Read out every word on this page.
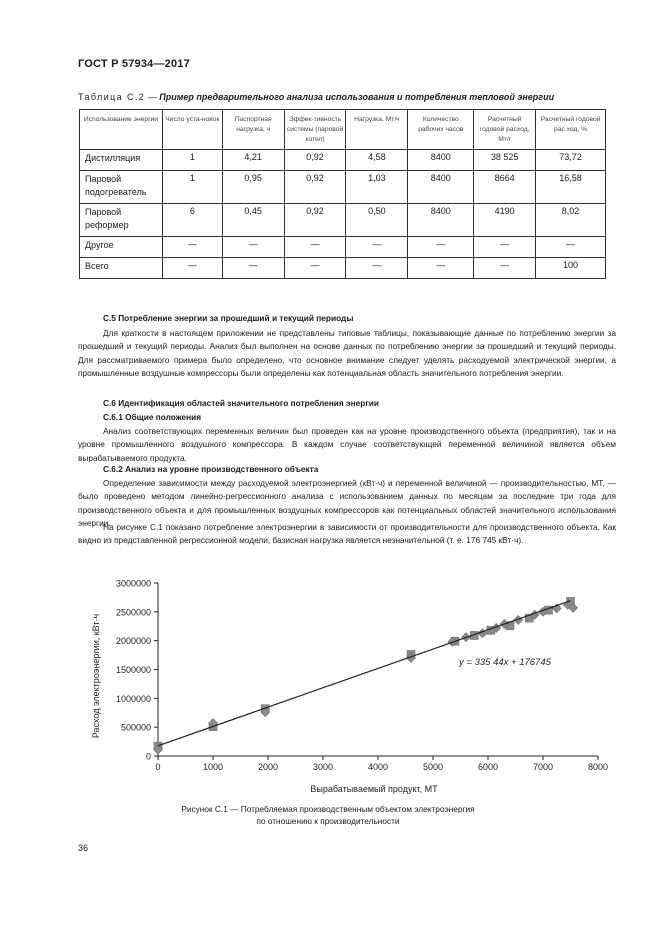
ГОСТ Р 57934—2017
Таблица С.2 — Пример предварительного анализа использования и потребления тепловой энергии
Использование энергии	Число уста-новок	Паспортная нагрузка, ч	Эффек-тивность системы (паровой котел)	Нагрузка, Мт/ч	Количество рабочих часов	Расчетный годовой расход, Мт/г	Расчетный годовой рас ход, %
Дистилляция	1	4,21	0,92	4,58	8400	38 525	73,72
Паровой подогреватель	1	0,95	0,92	1,03	8400	8664	16,58
Паровой реформер	6	0,45	0,92	0,50	8400	4190	8,02
Другое	—	—	—	—	—	—	—
Всего	—	—	—	—	—	—	100
С.5 Потребление энергии за прошедший и текущий периоды
Для краткости в настоящем приложении не представлены типовые таблицы, показывающие данные по потреблению энергии за прошедший и текущий периоды. Анализ был выполнен на основе данных по потреблению энергии за прошедший и текущий периоды. Для рассматриваемого примера было определено, что основное внимание следует уделять расходуемой электрической энергии, а промышленные воздушные компрессоры были определены как потенциальная область значительного потребления энергии.
С.6 Идентификация областей значительного потребления энергии
С.6.1 Общие положения
Анализ соответствующих переменных величин был проведен как на уровне производственного объекта (предприятия), так и на уровне промышленного воздушного компрессора. В каждом случае соответствующей переменной величиной является объем вырабатываемого продукта.
С.6.2 Анализ на уровне производственного объекта
Определение зависимости между расходуемой электроэнергией (кВт·ч) и переменной величиной — производительностью, МТ, — было проведено методом линейно-регрессионного анализа с использованием данных по месяцам за последние три года для производственного объекта и для промышленных воздушных компрессоров как потенциальных областей значительного использования энергии.
На рисунке С.1 показано потребление электроэнергии в зависимости от производительности для производственного объекта. Как видно из представленной регрессионной модели, базисная нагрузка является незначительной (т. е. 176 745 кВт·ч).
0
500000
1000000
1500000
2000000
2500000
3000000
0	1000	2000	3000	4000	5000	6000	7000	8000
y = 335 44x + 176745
Вырабатываемый продукт, МТ
Расход электроэнергии, кВт·ч
Рисунок С.1 — Потребляемая производственным объектом электроэнергия
по отношению к производительности
36
